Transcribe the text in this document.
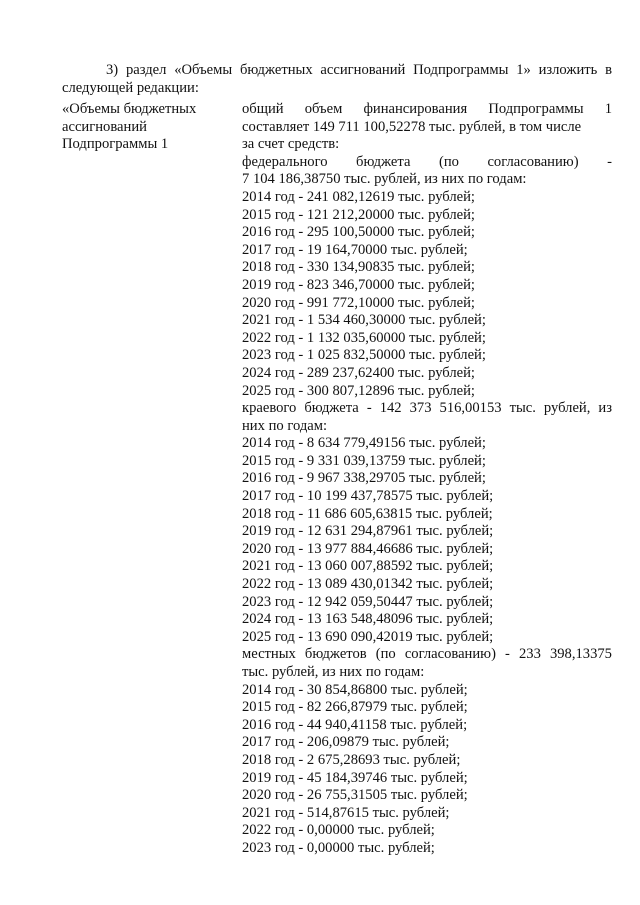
3) раздел «Объемы бюджетных ассигнований Подпрограммы 1» изложить в
следующей редакции:
«Объемы бюджетных
ассигнований
Подпрограммы 1
общий объем финансирования Подпрограммы 1
составляет 149 711 100,52278 тыс. рублей, в том числе
за счет средств:
федерального бюджета (по согласованию) -
7 104 186,38750 тыс. рублей, из них по годам:
2014 год - 241 082,12619 тыс. рублей;
2015 год - 121 212,20000 тыс. рублей;
2016 год - 295 100,50000 тыс. рублей;
2017 год - 19 164,70000 тыс. рублей;
2018 год - 330 134,90835 тыс. рублей;
2019 год - 823 346,70000 тыс. рублей;
2020 год - 991 772,10000 тыс. рублей;
2021 год - 1 534 460,30000 тыс. рублей;
2022 год - 1 132 035,60000 тыс. рублей;
2023 год - 1 025 832,50000 тыс. рублей;
2024 год - 289 237,62400 тыс. рублей;
2025 год - 300 807,12896 тыс. рублей;
краевого бюджета - 142 373 516,00153 тыс. рублей, из
них по годам:
2014 год - 8 634 779,49156 тыс. рублей;
2015 год - 9 331 039,13759 тыс. рублей;
2016 год - 9 967 338,29705 тыс. рублей;
2017 год - 10 199 437,78575 тыс. рублей;
2018 год - 11 686 605,63815 тыс. рублей;
2019 год - 12 631 294,87961 тыс. рублей;
2020 год - 13 977 884,46686 тыс. рублей;
2021 год - 13 060 007,88592 тыс. рублей;
2022 год - 13 089 430,01342 тыс. рублей;
2023 год - 12 942 059,50447 тыс. рублей;
2024 год - 13 163 548,48096 тыс. рублей;
2025 год - 13 690 090,42019 тыс. рублей;
местных бюджетов (по согласованию) - 233 398,13375
тыс. рублей, из них по годам:
2014 год - 30 854,86800 тыс. рублей;
2015 год - 82 266,87979 тыс. рублей;
2016 год - 44 940,41158 тыс. рублей;
2017 год - 206,09879 тыс. рублей;
2018 год - 2 675,28693 тыс. рублей;
2019 год - 45 184,39746 тыс. рублей;
2020 год - 26 755,31505 тыс. рублей;
2021 год - 514,87615 тыс. рублей;
2022 год - 0,00000 тыс. рублей;
2023 год - 0,00000 тыс. рублей;
